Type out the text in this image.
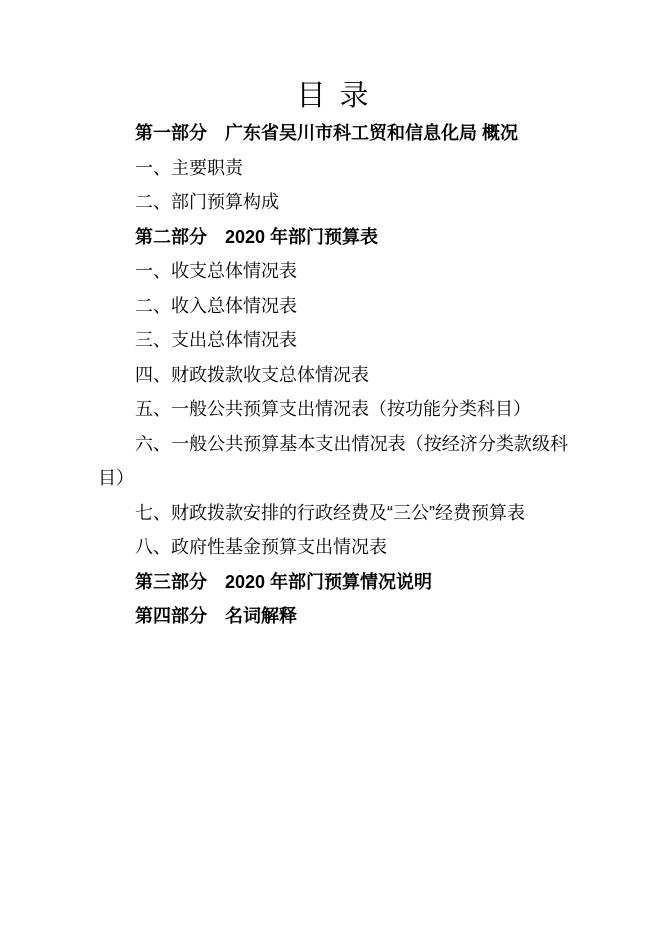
目 录

第一部分　广东省吴川市科工贸和信息化局 概况

一、主要职责

二、部门预算构成

第二部分　2020 年部门预算表

一、收支总体情况表

二、收入总体情况表

三、支出总体情况表

四、财政拨款收支总体情况表

五、一般公共预算支出情况表（按功能分类科目）

六、一般公共预算基本支出情况表（按经济分类款级科目）

七、财政拨款安排的行政经费及“三公”经费预算表

八、政府性基金预算支出情况表

第三部分　2020 年部门预算情况说明

第四部分　名词解释
